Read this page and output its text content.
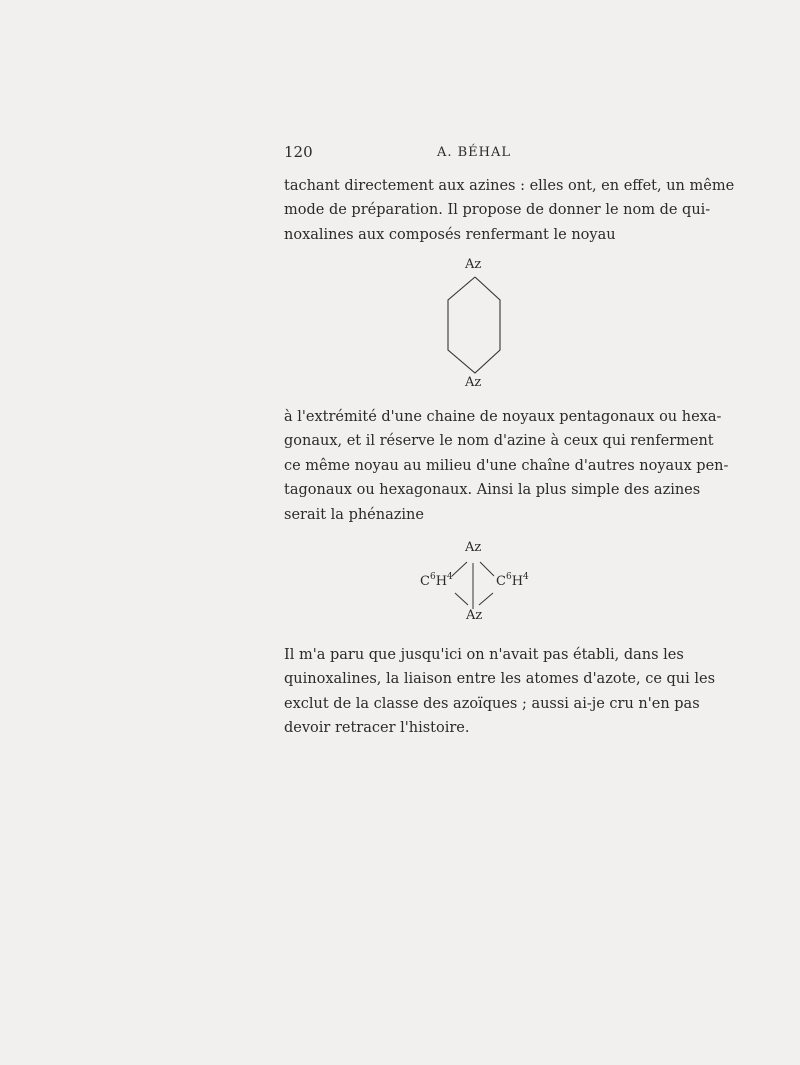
120	A. BÉHAL

tachant directement aux azines : elles ont, en effet, un même
mode de préparation. Il propose de donner le nom de qui-
noxalines aux composés renfermant le noyau

Az
Az

à l'extrémité d'une chaine de noyaux pentagonaux ou hexa-
gonaux, et il réserve le nom d'azine à ceux qui renferment
ce même noyau au milieu d'une chaîne d'autres noyaux pen-
tagonaux ou hexagonaux. Ainsi la plus simple des azines
serait la phénazine

Az
$C^6H^4$	$C^6H^4$
Az

Il m'a paru que jusqu'ici on n'avait pas établi, dans les
quinoxalines, la liaison entre les atomes d'azote, ce qui les
exclut de la classe des azoïques ; aussi ai-je cru n'en pas
devoir retracer l'histoire.
